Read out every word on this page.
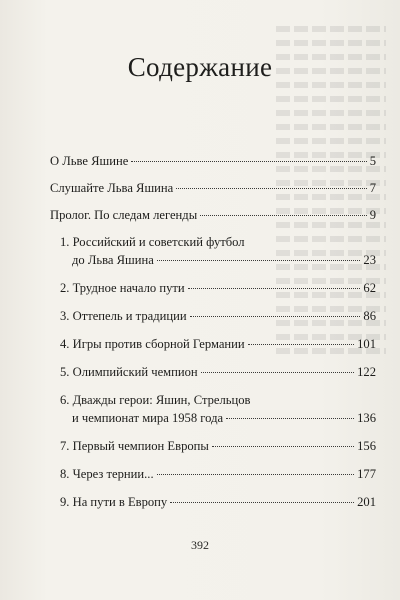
Содержание
О Льве Яшине	5
Слушайте Льва Яшина	7
Пролог. По следам легенды	9
1. Российский и советский футбол
до Льва Яшина	23
2. Трудное начало пути	62
3. Оттепель и традиции	86
4. Игры против сборной Германии	101
5. Олимпийский чемпион	122
6. Дважды герои: Яшин, Стрельцов
и чемпионат мира 1958 года	136
7. Первый чемпион Европы	156
8. Через тернии...	177
9. На пути в Европу	201
392
